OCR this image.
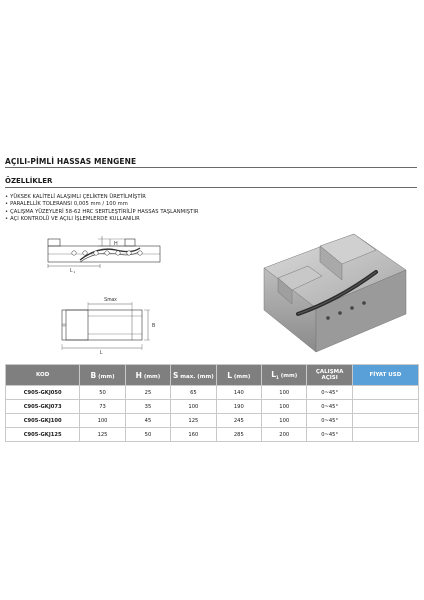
AÇILI-PİMLİ HASSAS MENGENE
ÖZELLİKLER
• YÜKSEK KALİTELİ ALAŞIMLI ÇELİKTEN ÜRETİLMİŞTİR
• PARALELLİK TOLERANSI 0,005 mm / 100 mm
• ÇALIŞMA YÜZEYLERİ 58-62 HRC SERTLEŞTİRİLİP HASSAS TAŞLANMIŞTIR
• AÇI KONTROLÜ VE AÇILI İŞLEMLERDE KULLANILIR
H
L 1
Smax
B
L
KOD	B (mm)	H (mm)	S max. (mm)	L (mm)	$L_1$ (mm)	ÇALIŞMA
AÇISI	FİYAT USD
C905-GKJ050	50	25	65	140	100	0~45°	
C905-GKJ073	73	35	100	190	100	0~45°	
C905-GKJ100	100	45	125	245	100	0~45°	
C905-GKJ125	125	50	160	285	200	0~45°	
